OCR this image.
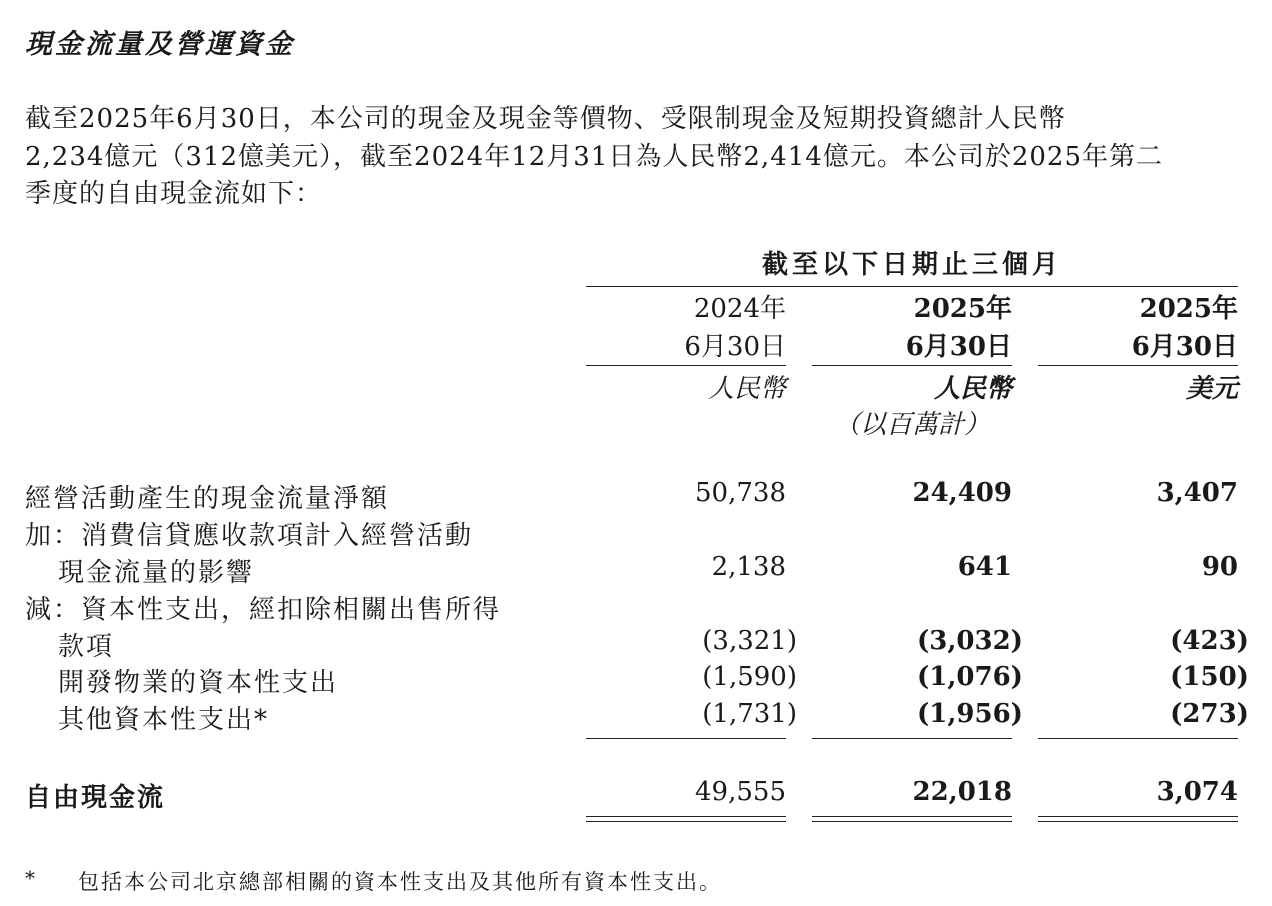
現金流量及營運資金
截至2025年6月30日，本公司的現金及現金等價物、受限制現金及短期投資總計人民幣
2,234億元（312億美元），截至2024年12月31日為人民幣2,414億元。本公司於2025年第二
季度的自由現金流如下：
截至以下日期止三個月
2024年	2025年	2025年
6月30日	6月30日	6月30日
人民幣	人民幣	美元
（以百萬計）
經營活動產生的現金流量淨額	50,738	24,409	3,407
加：消費信貸應收款項計入經營活動
現金流量的影響	2,138	641	90
減：資本性支出，經扣除相關出售所得
款項	(3,321)	(3,032)	(423)
開發物業的資本性支出	(1,590)	(1,076)	(150)
其他資本性支出*	(1,731)	(1,956)	(273)
自由現金流	49,555	22,018	3,074
* 包括本公司北京總部相關的資本性支出及其他所有資本性支出。
